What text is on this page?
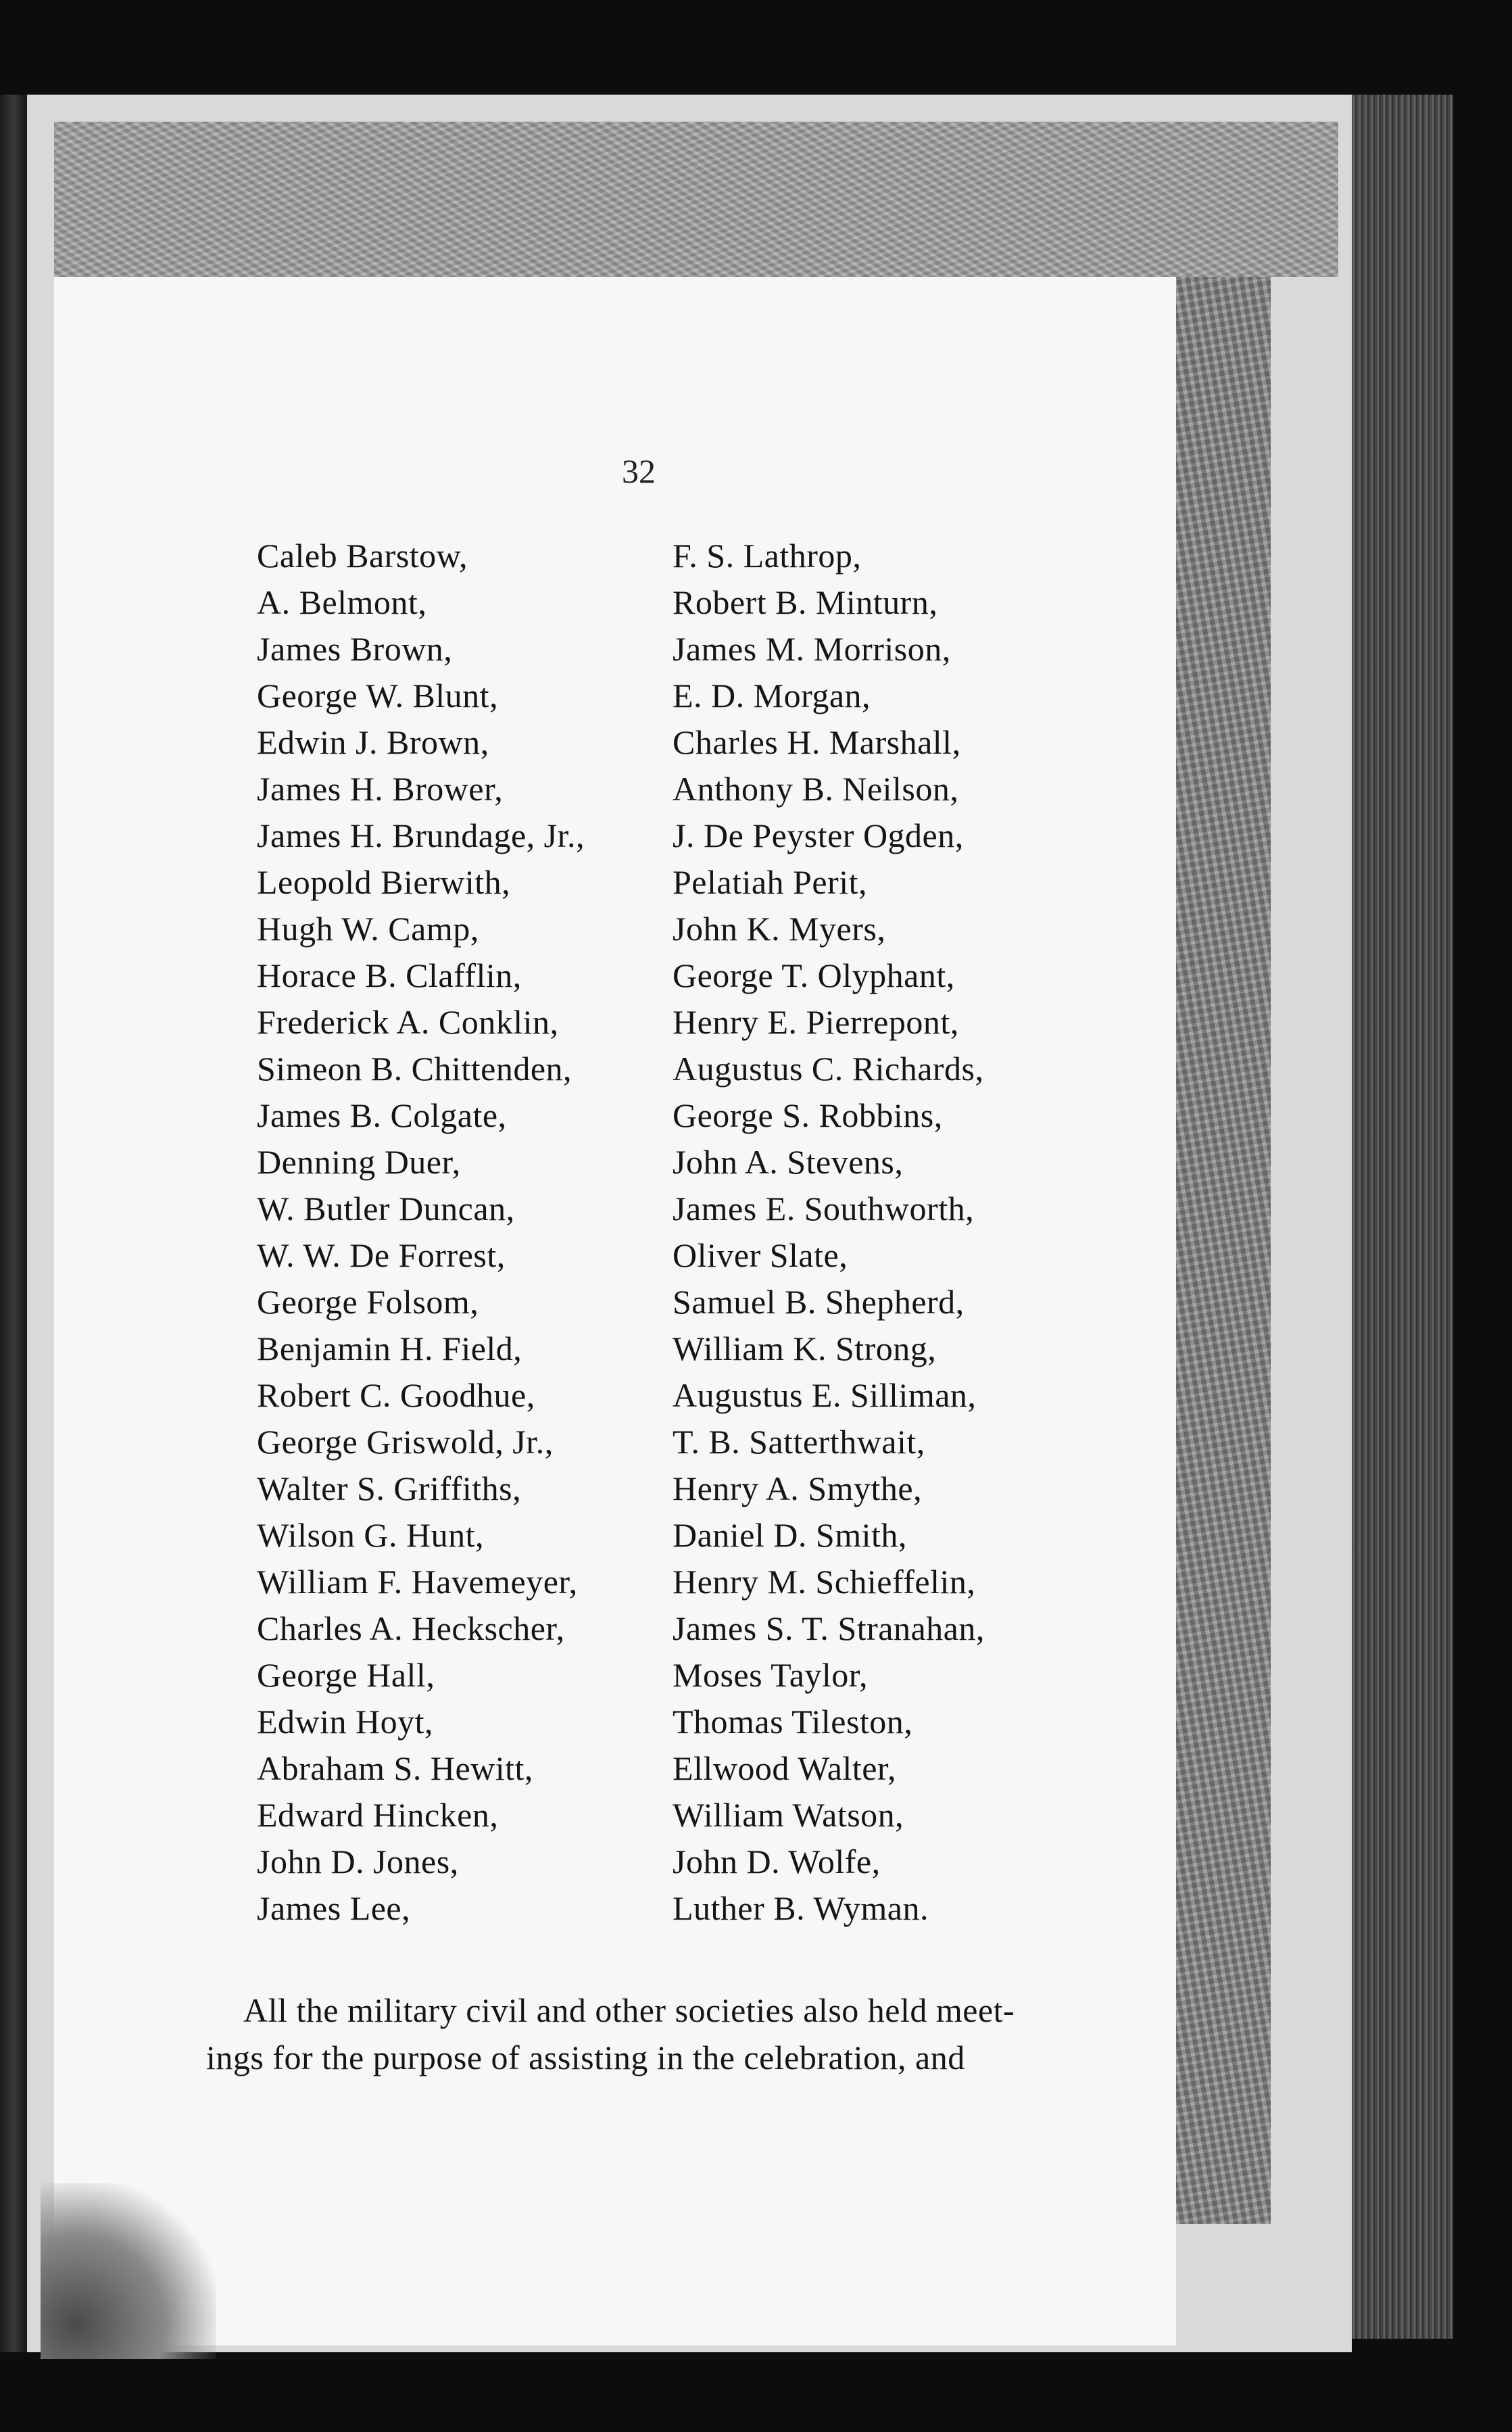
32
Caleb Barstow,
A. Belmont,
James Brown,
George W. Blunt,
Edwin J. Brown,
James H. Brower,
James H. Brundage, Jr.,
Leopold Bierwith,
Hugh W. Camp,
Horace B. Clafflin,
Frederick A. Conklin,
Simeon B. Chittenden,
James B. Colgate,
Denning Duer,
W. Butler Duncan,
W. W. De Forrest,
George Folsom,
Benjamin H. Field,
Robert C. Goodhue,
George Griswold, Jr.,
Walter S. Griffiths,
Wilson G. Hunt,
William F. Havemeyer,
Charles A. Heckscher,
George Hall,
Edwin Hoyt,
Abraham S. Hewitt,
Edward Hincken,
John D. Jones,
James Lee,
F. S. Lathrop,
Robert B. Minturn,
James M. Morrison,
E. D. Morgan,
Charles H. Marshall,
Anthony B. Neilson,
J. De Peyster Ogden,
Pelatiah Perit,
John K. Myers,
George T. Olyphant,
Henry E. Pierrepont,
Augustus C. Richards,
George S. Robbins,
John A. Stevens,
James E. Southworth,
Oliver Slate,
Samuel B. Shepherd,
William K. Strong,
Augustus E. Silliman,
T. B. Satterthwait,
Henry A. Smythe,
Daniel D. Smith,
Henry M. Schieffelin,
James S. T. Stranahan,
Moses Taylor,
Thomas Tileston,
Ellwood Walter,
William Watson,
John D. Wolfe,
Luther B. Wyman.
All the military civil and other societies also held meet-
ings for the purpose of assisting in the celebration, and
